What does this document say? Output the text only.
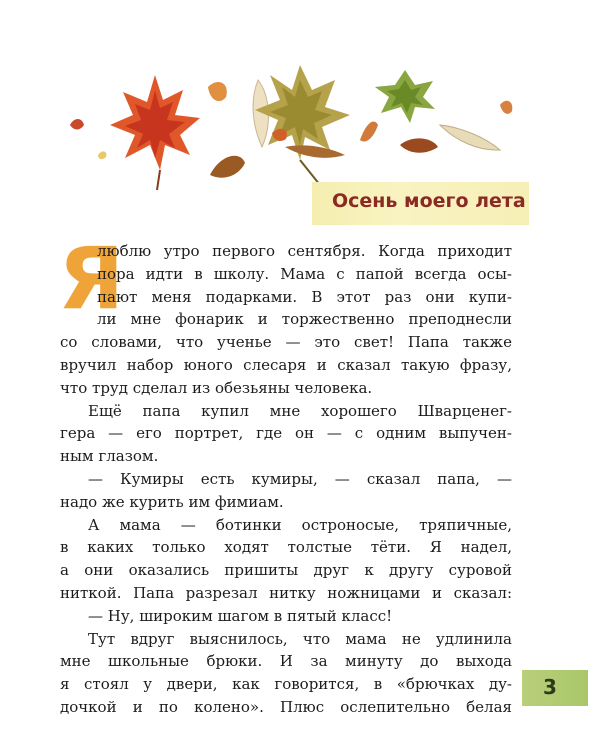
Осень моего лета
Я
люблю утро первого сентября. Когда приходит
пора идти в школу. Мама с папой всегда осы-
пают меня подарками. В этот раз они купи-
ли мне фонарик и торжественно преподнесли
со словами, что ученье — это свет! Папа также
вручил набор юного слесаря и сказал такую фразу,
что труд сделал из обезьяны человека.
Ещё папа купил мне хорошего Шварценег-
гера — его портрет, где он — с одним выпучен-
ным глазом.
— Кумиры есть кумиры, — сказал папа, —
надо же курить им фимиам.
А мама — ботинки остроносые, тряпичные,
в каких только ходят толстые тёти. Я надел,
а они оказались пришиты друг к другу суровой
ниткой. Папа разрезал нитку ножницами и сказал:
— Ну, широким шагом в пятый класс!
Тут вдруг выяснилось, что мама не удлинила
мне школьные брюки. И за минуту до выхода
я стоял у двери, как говорится, в «брючках ду-
дочкой и по колено». Плюс ослепительно белая
3
